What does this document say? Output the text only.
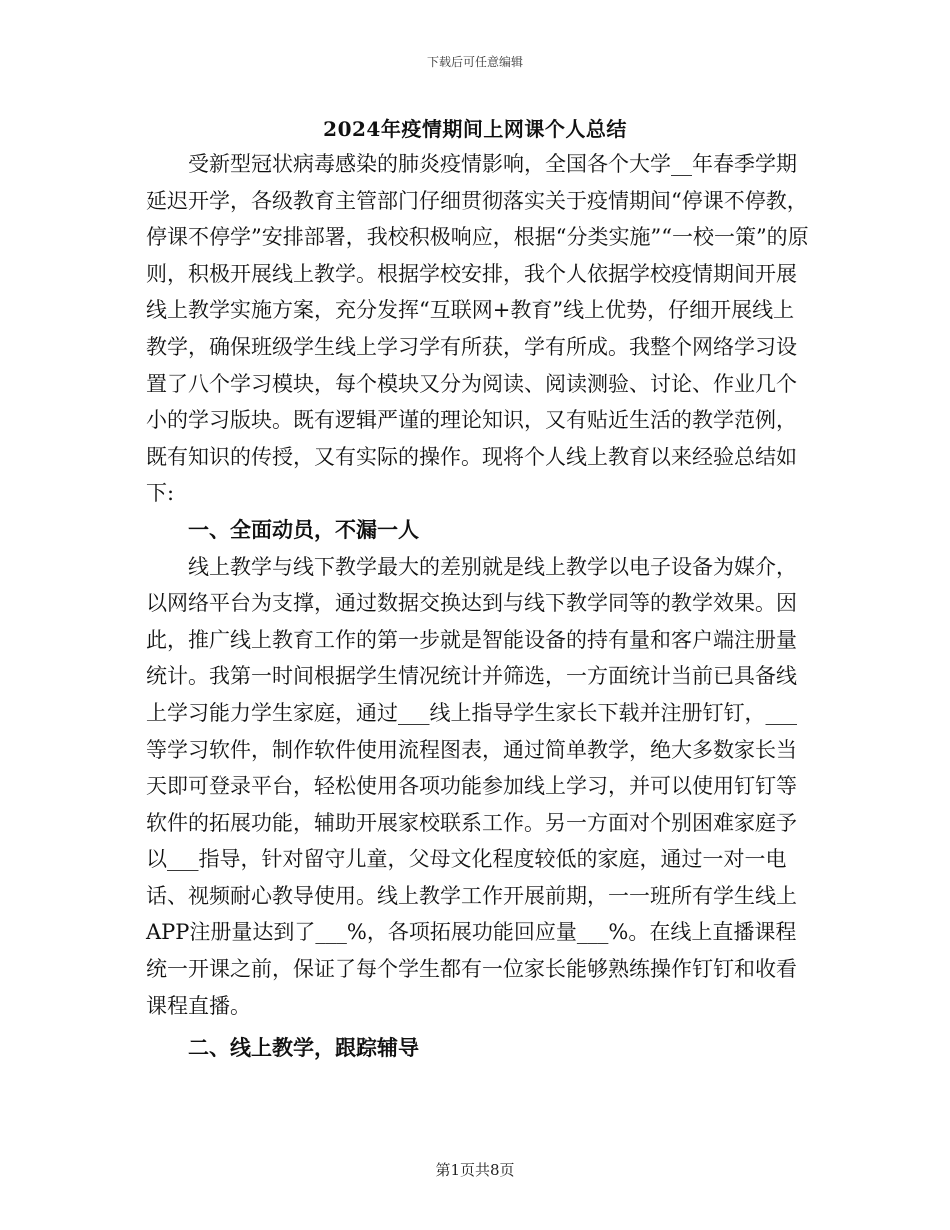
下载后可任意编辑
2024年疫情期间上网课个人总结

受新型冠状病毒感染的肺炎疫情影响，全国各个大学__年春季学期延迟开学，各级教育主管部门仔细贯彻落实关于疫情期间“停课不停教，停课不停学”安排部署，我校积极响应，根据“分类实施”“一校一策”的原则，积极开展线上教学。根据学校安排，我个人依据学校疫情期间开展线上教学实施方案，充分发挥“互联网+教育”线上优势，仔细开展线上教学，确保班级学生线上学习学有所获，学有所成。我整个网络学习设置了八个学习模块，每个模块又分为阅读、阅读测验、讨论、作业几个小的学习版块。既有逻辑严谨的理论知识，又有贴近生活的教学范例，既有知识的传授，又有实际的操作。现将个人线上教育以来经验总结如下:

一、全面动员，不漏一人

线上教学与线下教学最大的差别就是线上教学以电子设备为媒介，以网络平台为支撑，通过数据交换达到与线下教学同等的教学效果。因此，推广线上教育工作的第一步就是智能设备的持有量和客户端注册量统计。我第一时间根据学生情况统计并筛选，一方面统计当前已具备线上学习能力学生家庭，通过___线上指导学生家长下载并注册钉钉，___等学习软件，制作软件使用流程图表，通过简单教学，绝大多数家长当天即可登录平台，轻松使用各项功能参加线上学习，并可以使用钉钉等软件的拓展功能，辅助开展家校联系工作。另一方面对个别困难家庭予以___指导，针对留守儿童，父母文化程度较低的家庭，通过一对一电话、视频耐心教导使用。线上教学工作开展前期，一一班所有学生线上APP注册量达到了___%，各项拓展功能回应量___%。在线上直播课程统一开课之前，保证了每个学生都有一位家长能够熟练操作钉钉和收看课程直播。

二、线上教学，跟踪辅导

第1页共8页
